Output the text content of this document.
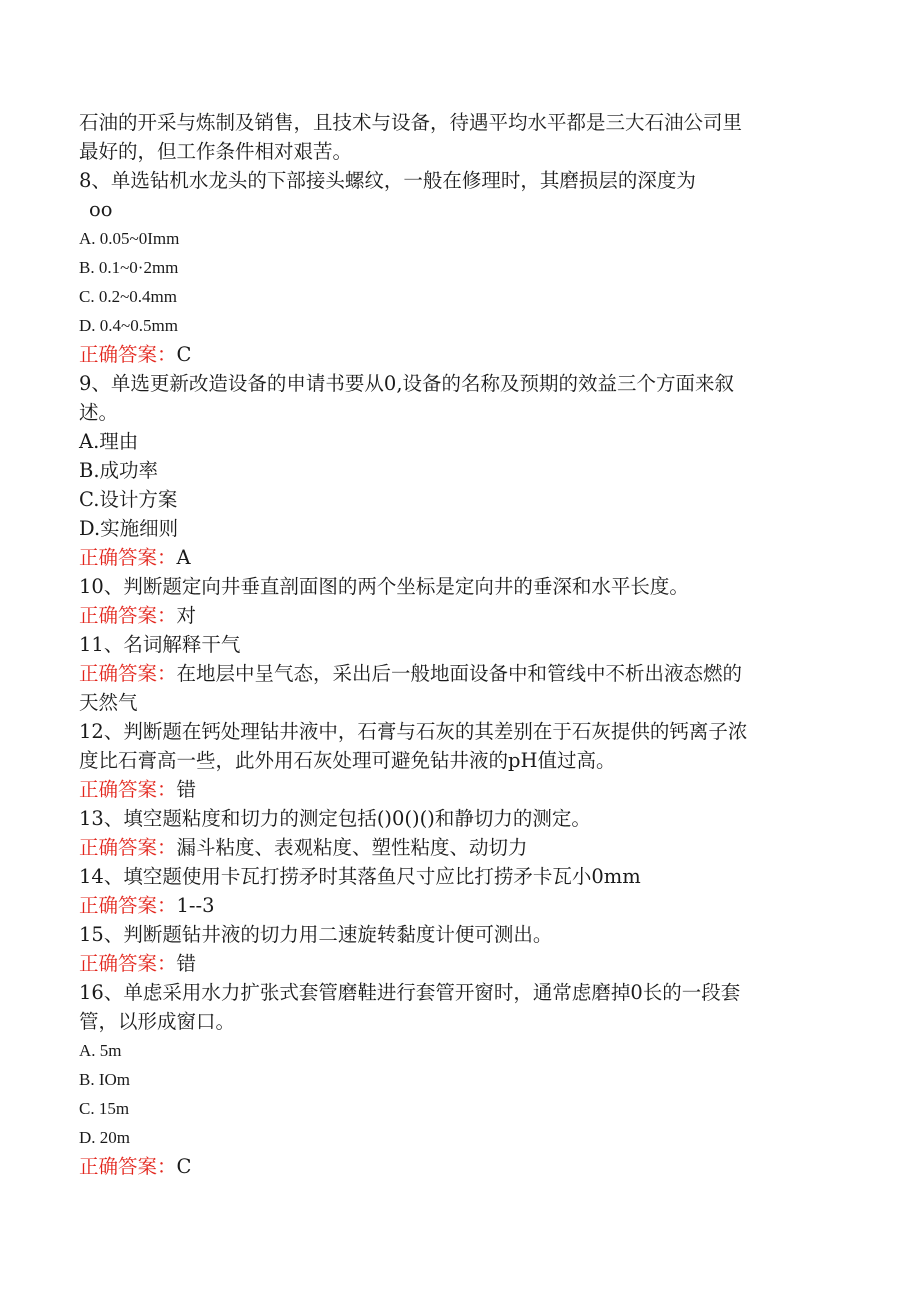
石油的开采与炼制及销售，且技术与设备，待遇平均水平都是三大石油公司里
最好的，但工作条件相对艰苦。
8、单选钻机水龙头的下部接头螺纹，一般在修理时，其磨损层的深度为
oo
A. 0.05~0Imm
B. 0.1~0·2mm
C. 0.2~0.4mm
D. 0.4~0.5mm
正确答案：C
9、单选更新改造设备的申请书要从0,设备的名称及预期的效益三个方面来叙
述。
A.理由
B.成功率
C.设计方案
D.实施细则
正确答案：A
10、判断题定向井垂直剖面图的两个坐标是定向井的垂深和水平长度。
正确答案：对
11、名词解释干气
正确答案：在地层中呈气态，采出后一般地面设备中和管线中不析出液态燃的
天然气
12、判断题在钙处理钻井液中，石膏与石灰的其差别在于石灰提供的钙离子浓
度比石膏高一些，此外用石灰处理可避免钻井液的pH值过高。
正确答案：错
13、填空题粘度和切力的测定包括()0()()和静切力的测定。
正确答案：漏斗粘度、表观粘度、塑性粘度、动切力
14、填空题使用卡瓦打捞矛时其落鱼尺寸应比打捞矛卡瓦小0mm
正确答案：1--3
15、判断题钻井液的切力用二速旋转黏度计便可测出。
正确答案：错
16、单虑采用水力扩张式套管磨鞋进行套管开窗时，通常虑磨掉0长的一段套
管，以形成窗口。
A. 5m
B. IOm
C. 15m
D. 20m
正确答案：C
